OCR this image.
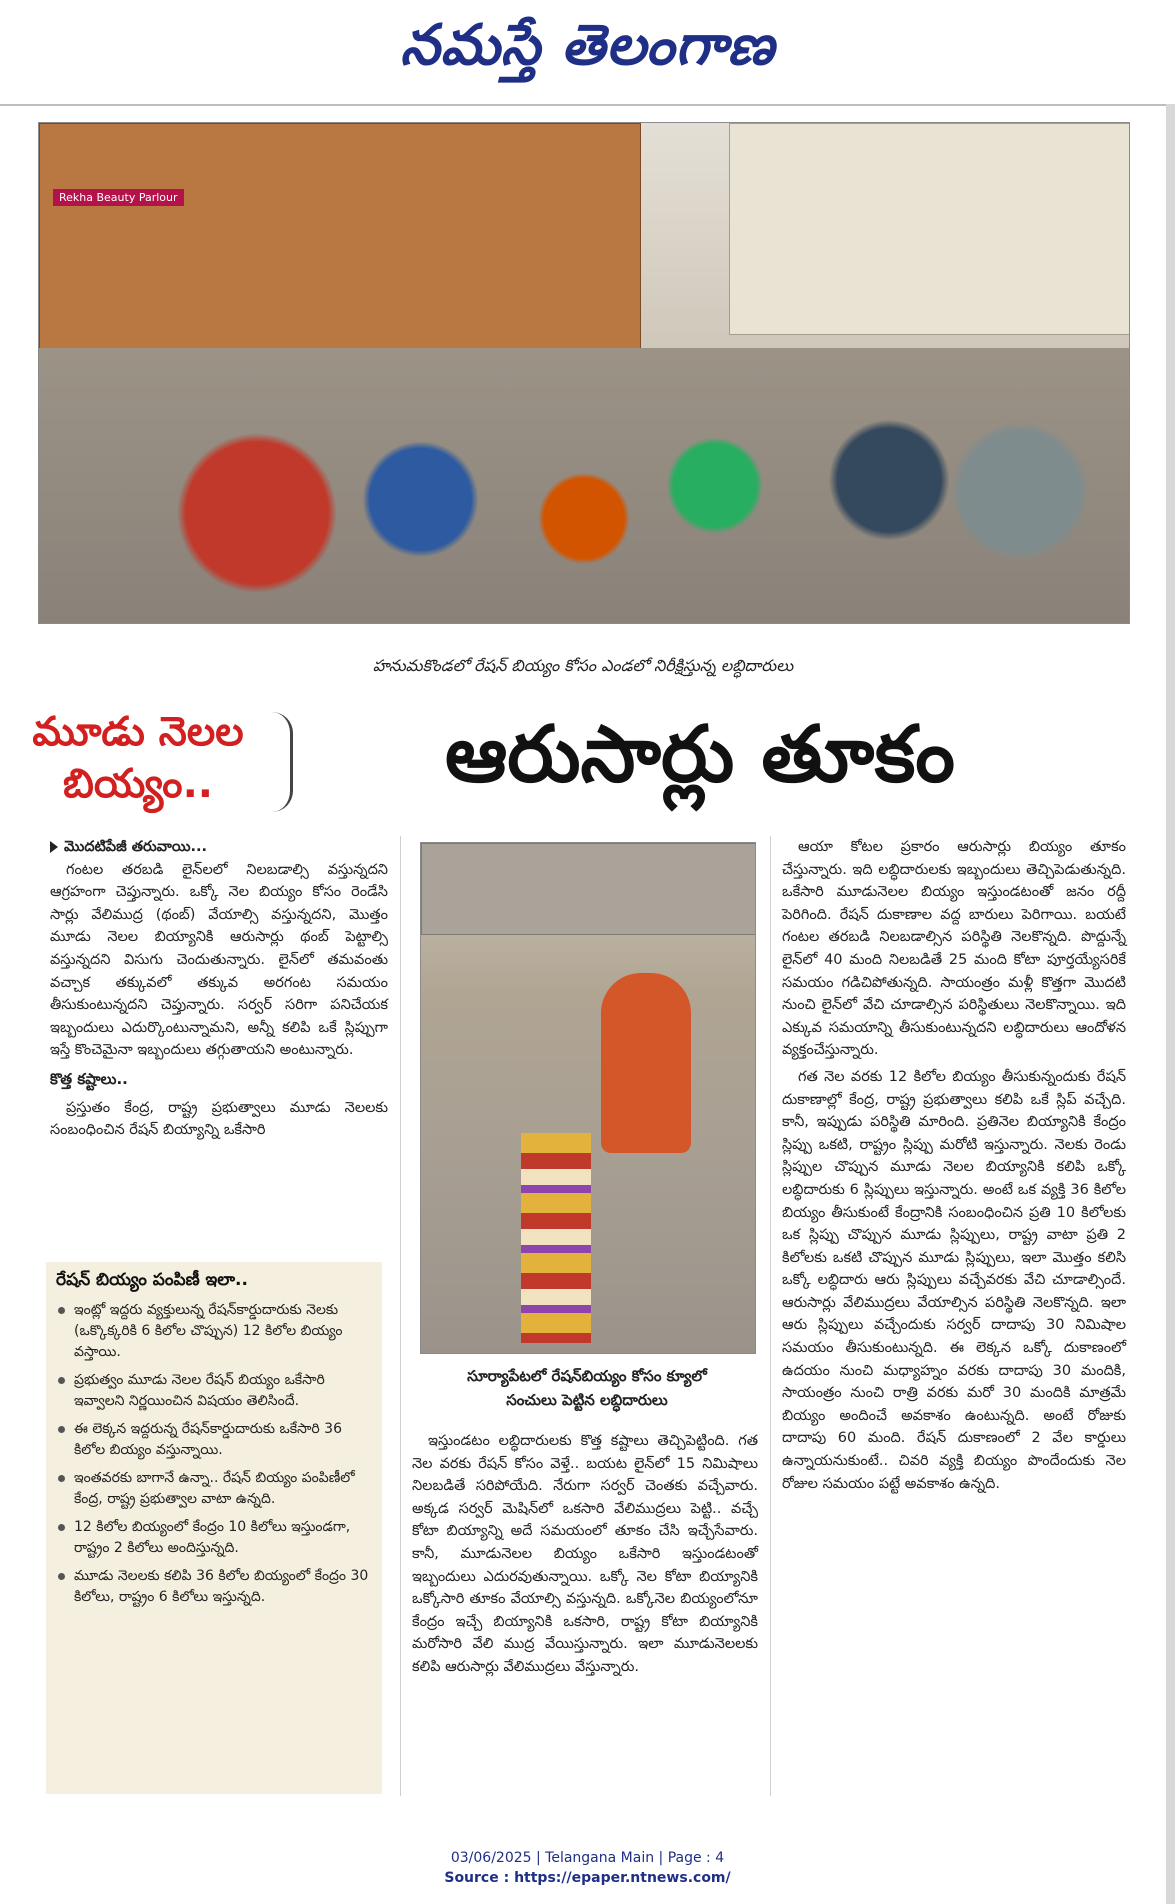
నమస్తే తెలంగాణ
Rekha Beauty Parlour
హనుమకొండలో రేషన్ బియ్యం కోసం ఎండలో నిరీక్షిస్తున్న లబ్ధిదారులు
మూడు నెలల
బియ్యం..	ఆరుసార్లు తూకం
మొదటిపేజీ తరువాయి...

గంటల తరబడి లైన్‌లలో నిలబడాల్సి వస్తున్నదని ఆగ్రహంగా చెప్తున్నారు. ఒక్కో నెల బియ్యం కోసం రెండేసి సార్లు వేలిముద్ర (థంబ్) వేయాల్సి వస్తున్నదని, మొత్తం మూడు నెలల బియ్యానికి ఆరుసార్లు థంబ్ పెట్టాల్సి వస్తున్నదని విసుగు చెందుతున్నారు. లైన్‌లో తమవంతు వచ్చాక తక్కువలో తక్కువ అరగంట సమయం తీసుకుంటున్నదని చెప్తున్నారు. సర్వర్ సరిగా పనిచేయక ఇబ్బందులు ఎదుర్కొంటున్నామని, అన్నీ కలిపి ఒకే స్లిప్పుగా ఇస్తే కొంచెమైనా ఇబ్బందులు తగ్గుతాయని అంటున్నారు.

కొత్త కష్టాలు..

ప్రస్తుతం కేంద్ర, రాష్ట్ర ప్రభుత్వాలు మూడు నెలలకు సంబంధించిన రేషన్ బియ్యాన్ని ఒకేసారి

రేషన్ బియ్యం పంపిణీ ఇలా..
ఇంట్లో ఇద్దరు వ్యక్తులున్న రేషన్‌కార్డుదారుకు నెలకు (ఒక్కొక్కరికి 6 కిలోల చొప్పున) 12 కిలోల బియ్యం వస్తాయి.
ప్రభుత్వం మూడు నెలల రేషన్ బియ్యం ఒకేసారి ఇవ్వాలని నిర్ణయించిన విషయం తెలిసిందే.
ఈ లెక్కన ఇద్దరున్న రేషన్‌కార్డుదారుకు ఒకేసారి 36 కిలోల బియ్యం వస్తున్నాయి.
ఇంతవరకు బాగానే ఉన్నా.. రేషన్ బియ్యం పంపిణీలో కేంద్ర, రాష్ట్ర ప్రభుత్వాల వాటా ఉన్నది.
12 కిలోల బియ్యంలో కేంద్రం 10 కిలోలు ఇస్తుండగా, రాష్ట్రం 2 కిలోలు అందిస్తున్నది.
మూడు నెలలకు కలిపి 36 కిలోల బియ్యంలో కేంద్రం 30 కిలోలు, రాష్ట్రం 6 కిలోలు ఇస్తున్నది.
సూర్యాపేటలో రేషన్‌బియ్యం కోసం క్యూలో
సంచులు పెట్టిన లబ్ధిదారులు

ఇస్తుండటం లబ్ధిదారులకు కొత్త కష్టాలు తెచ్చిపెట్టింది. గత నెల వరకు రేషన్ కోసం వెళ్తే.. బయట లైన్‌లో 15 నిమిషాలు నిలబడితే సరిపోయేది. నేరుగా సర్వర్ చెంతకు వచ్చేవారు. అక్కడ సర్వర్ మెషిన్‌లో ఒకసారి వేలిముద్రలు పెట్టి.. వచ్చే కోటా బియ్యాన్ని అదే సమయంలో తూకం చేసి ఇచ్చేసేవారు. కానీ, మూడునెలల బియ్యం ఒకేసారి ఇస్తుండటంతో ఇబ్బందులు ఎదురవుతున్నాయి. ఒక్కో నెల కోటా బియ్యానికి ఒక్కోసారి తూకం వేయాల్సి వస్తున్నది. ఒక్కోనెల బియ్యంలోనూ కేంద్రం ఇచ్చే బియ్యానికి ఒకసారి, రాష్ట్ర కోటా బియ్యానికి మరోసారి వేలి ముద్ర వేయిస్తున్నారు. ఇలా మూడునెలలకు కలిపి ఆరుసార్లు వేలిముద్రలు వేస్తున్నారు.

ఆయా కోటల ప్రకారం ఆరుసార్లు బియ్యం తూకం చేస్తున్నారు. ఇది లబ్ధిదారులకు ఇబ్బందులు తెచ్చిపెడుతున్నది. ఒకేసారి మూడునెలల బియ్యం ఇస్తుండటంతో జనం రద్దీ పెరిగింది. రేషన్ దుకాణాల వద్ద బారులు పెరిగాయి. బయటే గంటల తరబడి నిలబడాల్సిన పరిస్థితి నెలకొన్నది. పొద్దున్నే లైన్‌లో 40 మంది నిలబడితే 25 మంది కోటా పూర్తయ్యేసరికే సమయం గడిచిపోతున్నది. సాయంత్రం మళ్లీ కొత్తగా మొదటి నుంచి లైన్‌లో వేచి చూడాల్సిన పరిస్థితులు నెలకొన్నాయి. ఇది ఎక్కువ సమయాన్ని తీసుకుంటున్నదని లబ్ధిదారులు ఆందోళన వ్యక్తంచేస్తున్నారు.

గత నెల వరకు 12 కిలోల బియ్యం తీసుకున్నందుకు రేషన్ దుకాణాల్లో కేంద్ర, రాష్ట్ర ప్రభుత్వాలు కలిపి ఒకే స్లిప్ వచ్చేది. కానీ, ఇప్పుడు పరిస్థితి మారింది. ప్రతినెల బియ్యానికి కేంద్రం స్లిప్పు ఒకటి, రాష్ట్రం స్లిప్పు మరోటి ఇస్తున్నారు. నెలకు రెండు స్లిప్పుల చొప్పున మూడు నెలల బియ్యానికి కలిపి ఒక్కో లబ్ధిదారుకు 6 స్లిప్పులు ఇస్తున్నారు. అంటే ఒక వ్యక్తి 36 కిలోల బియ్యం తీసుకుంటే కేంద్రానికి సంబంధించిన ప్రతి 10 కిలోలకు ఒక స్లిప్పు చొప్పున మూడు స్లిప్పులు, రాష్ట్ర వాటా ప్రతి 2 కిలోలకు ఒకటి చొప్పున మూడు స్లిప్పులు, ఇలా మొత్తం కలిసి ఒక్కో లబ్ధిదారు ఆరు స్లిప్పులు వచ్చేవరకు వేచి చూడాల్సిందే. ఆరుసార్లు వేలిముద్రలు వేయాల్సిన పరిస్థితి నెలకొన్నది. ఇలా ఆరు స్లిప్పులు వచ్చేందుకు సర్వర్ దాదాపు 30 నిమిషాల సమయం తీసుకుంటున్నది. ఈ లెక్కన ఒక్కో దుకాణంలో ఉదయం నుంచి మధ్యాహ్నం వరకు దాదాపు 30 మందికి, సాయంత్రం నుంచి రాత్రి వరకు మరో 30 మందికి మాత్రమే బియ్యం అందించే అవకాశం ఉంటున్నది. అంటే రోజుకు దాదాపు 60 మంది. రేషన్ దుకాణంలో 2 వేల కార్డులు ఉన్నాయనుకుంటే.. చివరి వ్యక్తి బియ్యం పొందేందుకు నెల రోజుల సమయం పట్టే అవకాశం ఉన్నది.

03/06/2025 | Telangana Main | Page : 4
Source : https://epaper.ntnews.com/
